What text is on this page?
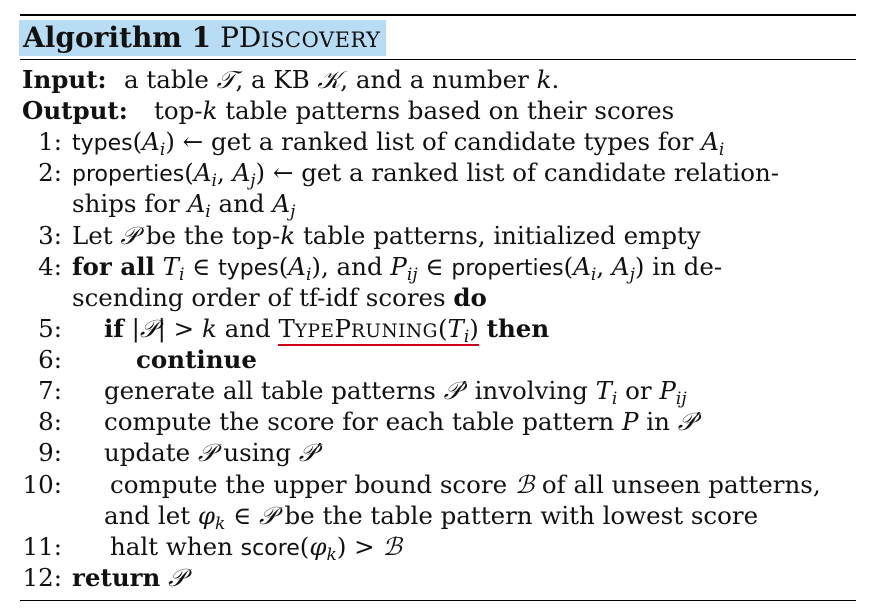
Algorithm 1 PDISCOVERY
Input: a table 𝒯, a KB 𝒦, and a number k.
Output: top-k table patterns based on their scores
1: $types(A_i)$ ← get a ranked list of candidate types for $A_i$
2: $properties(A_i$, $A_j$) ← get a ranked list of candidate relation-
ships for $A_i$ and $A_j$
3: Let 𝒫 be the top-k table patterns, initialized empty
4: for all $T_i$ ∈ $types(A_i)$, and $P_{ij}$ ∈ $properties(A_i$, $A_j$) in de-
scending order of tf-idf scores do
5: if |𝒫| > k and $TYPEPRUNING(T_i)$ then
6:	continue
7: generate all table patterns 𝒫′ involving $T_i$ or $P_{ij}$
8: compute the score for each table pattern P in 𝒫′
9: update 𝒫 using 𝒫′
10: compute the upper bound score ℬ of all unseen patterns,
and let $\varphi_k$ ∈ 𝒫 be the table pattern with lowest score
11: halt when $score(\varphi_k)$ > ℬ
12: return 𝒫
